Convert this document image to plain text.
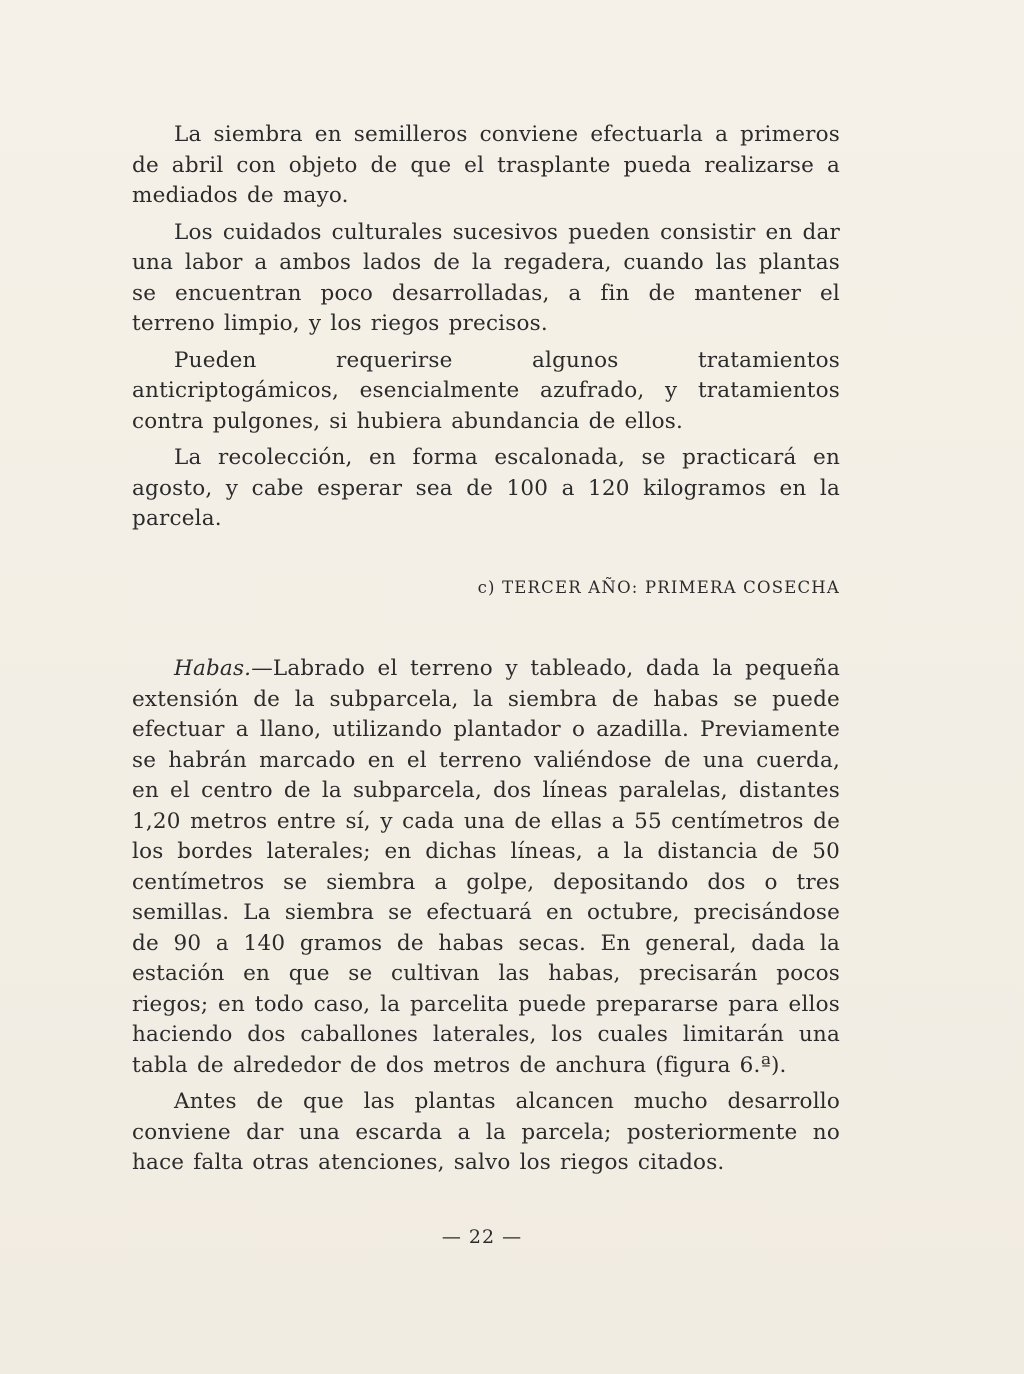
La siembra en semilleros conviene efectuarla a primeros de abril con objeto de que el trasplante pueda realizarse a mediados de mayo.

Los cuidados culturales sucesivos pueden consistir en dar una labor a ambos lados de la regadera, cuando las plantas se encuentran poco desarrolladas, a fin de mantener el terreno limpio, y los riegos precisos.

Pueden requerirse algunos tratamientos anticriptogámicos, esencialmente azufrado, y tratamientos contra pulgones, si hubiera abundancia de ellos.

La recolección, en forma escalonada, se practicará en agosto, y cabe esperar sea de 100 a 120 kilogramos en la parcela.

c) TERCER AÑO: PRIMERA COSECHA

Habas.—Labrado el terreno y tableado, dada la pequeña extensión de la subparcela, la siembra de habas se puede efectuar a llano, utilizando plantador o azadilla. Previamente se habrán marcado en el terreno valiéndose de una cuerda, en el centro de la subparcela, dos líneas paralelas, distantes 1,20 metros entre sí, y cada una de ellas a 55 centímetros de los bordes laterales; en dichas líneas, a la distancia de 50 centímetros se siembra a golpe, depositando dos o tres semillas. La siembra se efectuará en octubre, precisándose de 90 a 140 gramos de habas secas. En general, dada la estación en que se cultivan las habas, precisarán pocos riegos; en todo caso, la parcelita puede prepararse para ellos haciendo dos caballones laterales, los cuales limitarán una tabla de alrededor de dos metros de anchura (figura 6.ª).

Antes de que las plantas alcancen mucho desarrollo conviene dar una escarda a la parcela; posteriormente no hace falta otras atenciones, salvo los riegos citados.

— 22 —
